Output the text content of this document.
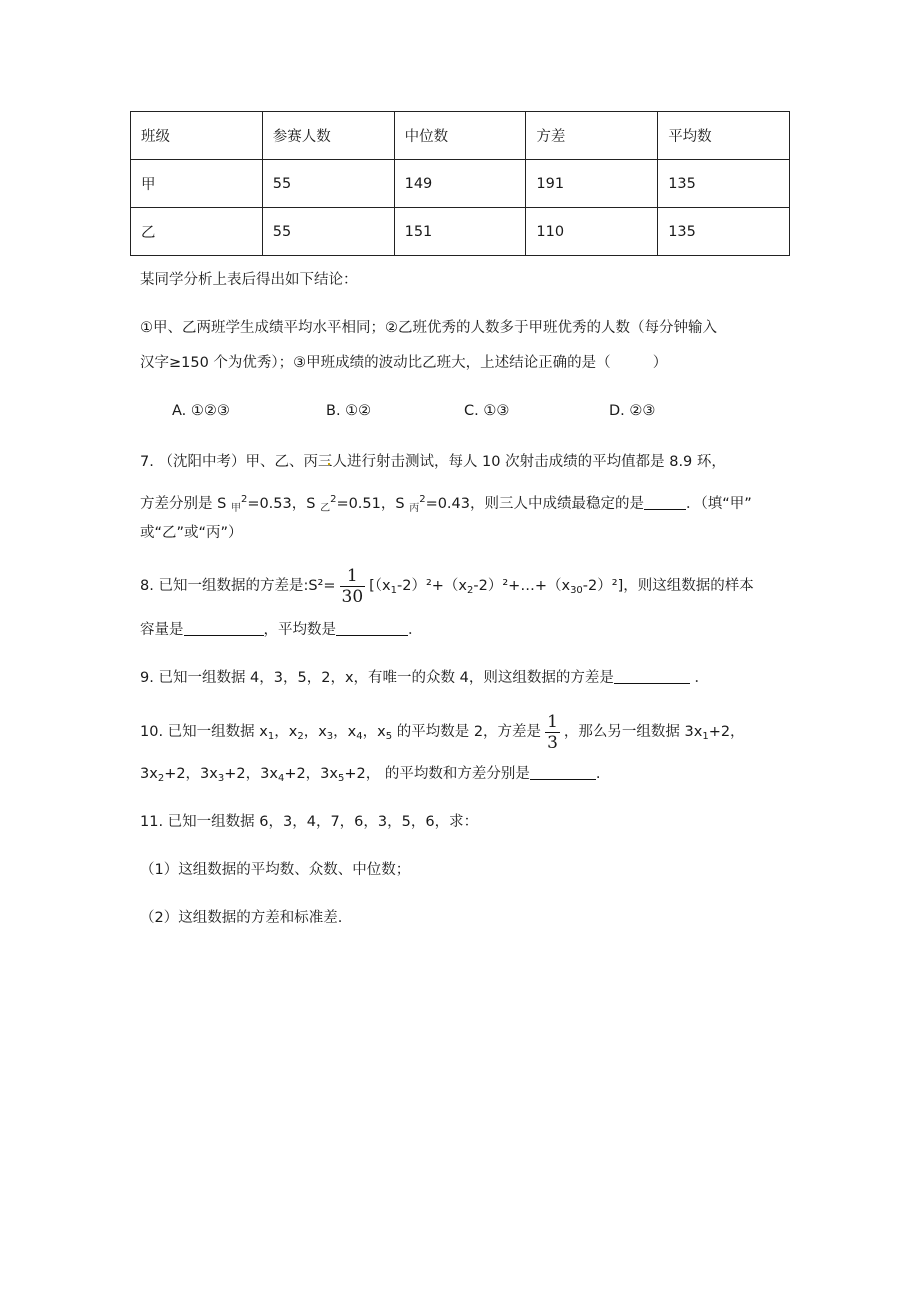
班级	参赛人数	中位数	方差	平均数
甲	55	149	191	135
乙	55	151	110	135
某同学分析上表后得出如下结论：
①甲、乙两班学生成绩平均水平相同；②乙班优秀的人数多于甲班优秀的人数（每分钟输入
汉字≥150 个为优秀）；③甲班成绩的波动比乙班大，上述结论正确的是（	）
A. ①②③	B. ①②	C. ①③	D. ②③
7. （沈阳中考）甲、乙、丙三人进行射击测试，每人 10 次射击成绩的平均值都是 8.9 环，
方差分别是 S $_甲^2$=0.53，S $_乙^2$=0.51，S $_丙^2$=0.43，则三人中成绩最稳定的是	．（填“甲”
或“乙”或“丙”）
8. 已知一组数据的方差是:S²= $\frac{1}{30}$ $[(x_1-2)^2+(x_2-2)^2+\dots+(x_{30}-2)^2]$，则这组数据的样本
容量是	，平均数是	．
9. 已知一组数据 4，3，5，2，x，有唯一的众数 4，则这组数据的方差是	．
10. 已知一组数据 $x_1$，$x_2$，$x_3$，$x_4$，$x_5$ 的平均数是 2，方差是 $\frac{1}{3}$ ，那么另一组数据 $3x_1+2$，
$3x_2+2$，$3x_3+2$，$3x_4+2$，$3x_5+2$， 的平均数和方差分别是	.
11. 已知一组数据 6，3，4，7，6，3，5，6，求：
（1）这组数据的平均数、众数、中位数；
（2）这组数据的方差和标准差.
